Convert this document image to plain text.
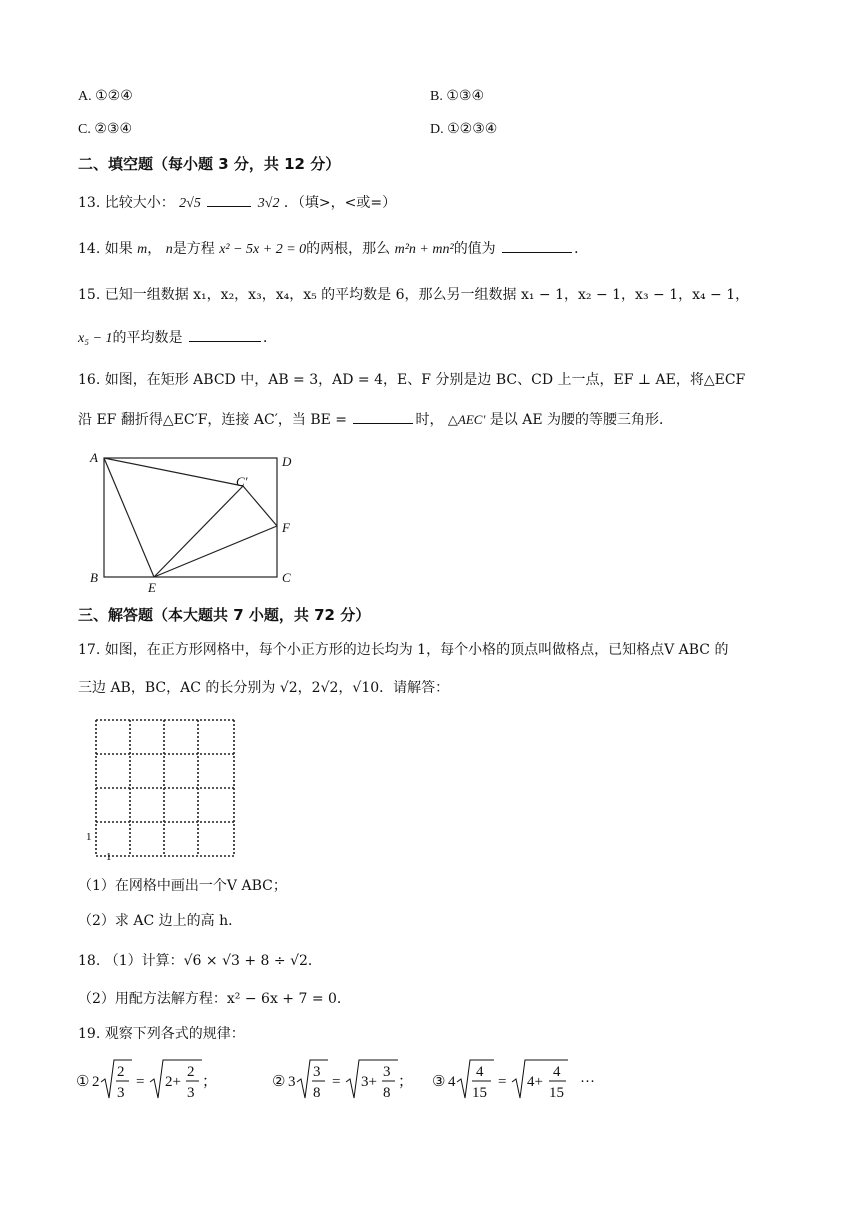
A. ①②④	B. ①③④
C. ②③④	D. ①②③④
二、填空题（每小题 3 分，共 12 分）
13. 比较大小： 2√5	3√2 ．（填>，<或=）
14. 如果 m， n是方程 x² − 5x + 2 = 0的两根，那么 m²n + mn²的值为	．
15. 已知一组数据 x₁，x₂，x₃，x₄，x₅ 的平均数是 6，那么另一组数据 x₁ − 1，x₂ − 1，x₃ − 1，x₄ − 1，
x₅ − 1的平均数是	．
16. 如图，在矩形 ABCD 中，AB = 3，AD = 4，E、F 分别是边 BC、CD 上一点，EF ⊥ AE，将△ECF
沿 EF 翻折得△EC′F，连接 AC′，当 BE =	时， △AEC′ 是以 AE 为腰的等腰三角形．
A	D
B	C
E
F
C′
三、解答题（本大题共 7 小题，共 72 分）
17. 如图，在正方形网格中，每个小正方形的边长均为 1，每个小格的顶点叫做格点，已知格点V ABC 的
三边 AB，BC，AC 的长分别为 √2，2√2，√10．请解答：
1
1
（1）在网格中画出一个V ABC；
（2）求 AC 边上的高 h．
18. （1）计算：√6 × √3 + 8 ÷ √2．
（2）用配方法解方程：x² − 6x + 7 = 0．
19. 观察下列各式的规律：
① 2
2
3
= 2+
2
3
；	② 3
3
8
= 3+
3
8
； ③ 4
4
15
= 4+
4
15
···
